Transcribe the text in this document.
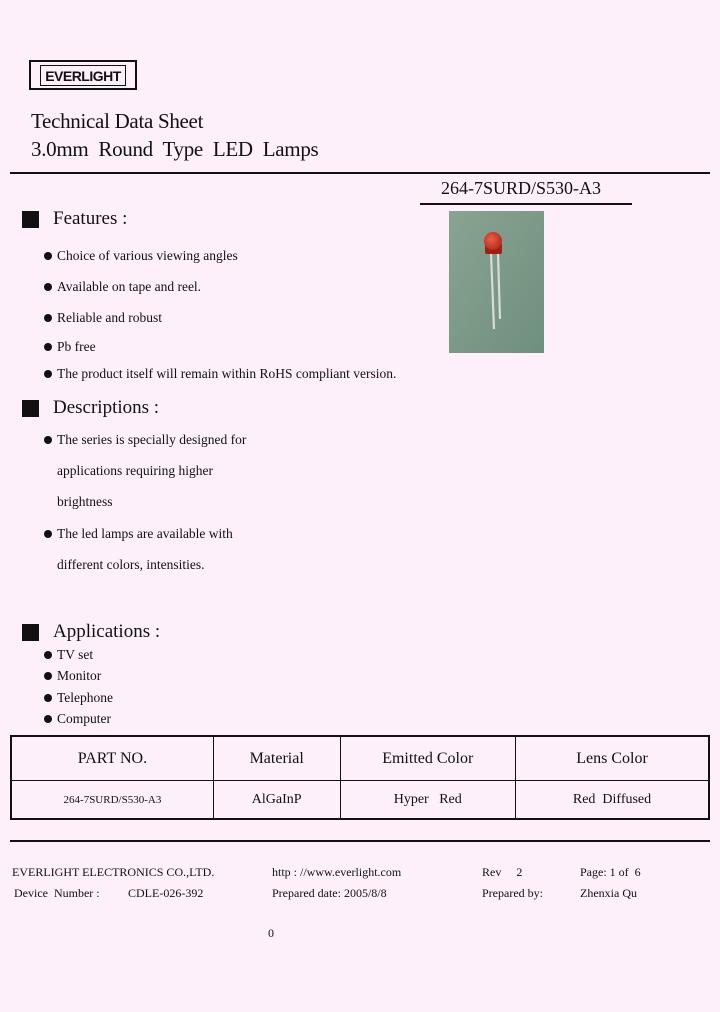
EVERLIGHT
Technical Data Sheet
3.0mm Round Type LED Lamps
264-7SURD/S530-A3
Features :
Choice of various viewing angles
Available on tape and reel.
Reliable and robust
Pb free
The product itself will remain within RoHS compliant version.
Descriptions :
The series is specially designed for
applications requiring higher
brightness
The led lamps are available with
different colors, intensities.
Applications :
TV set
Monitor
Telephone
Computer
PART NO.	Material	Emitted Color	Lens Color
264-7SURD/S530-A3	AlGaInP	Hyper   Red	Red  Diffused
EVERLIGHT ELECTRONICS CO.,LTD.	http : //www.everlight.com	Rev     2	Page: 1 of  6
Device  Number : CDLE-026-392	Prepared date: 2005/8/8	Prepared by:	Zhenxia Qu
0
